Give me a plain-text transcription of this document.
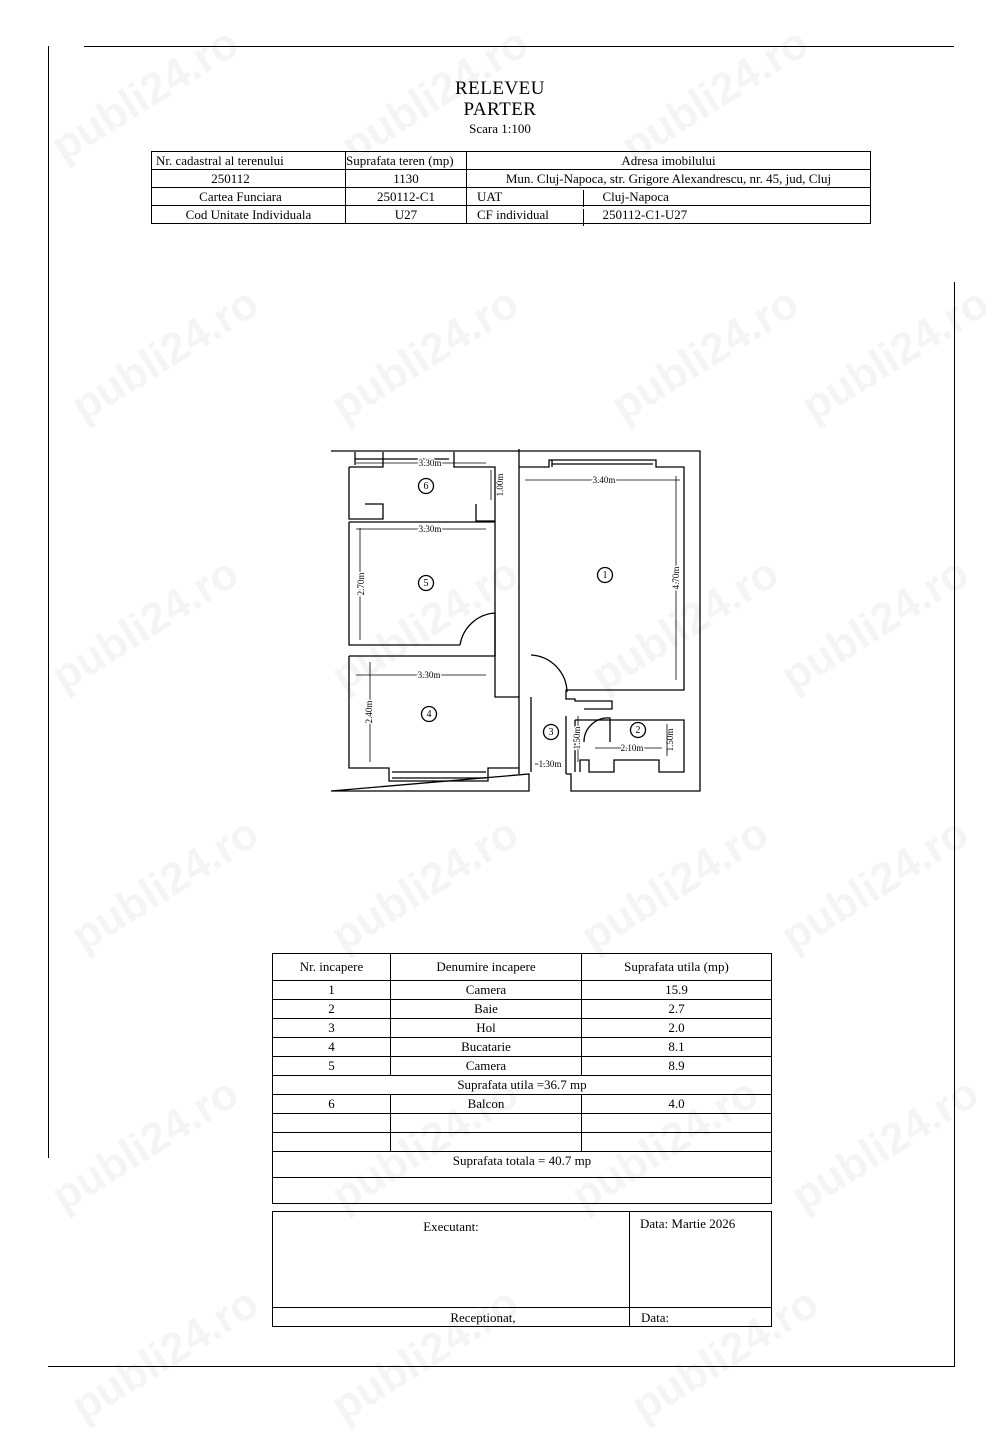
RELEVEU
PARTER
Scara 1:100
Nr. cadastral al terenului	Suprafata teren (mp)	Adresa imobilului	
250112	1130	Mun. Cluj-Napoca, str. Grigore Alexandrescu, nr. 45, jud, Cluj	
Cartea Funciara	250112-C1	UAT	Cluj-Napoca
Cod Unitate Individuala	U27	CF individual	250112-C1-U27
6
5
1
4
3	2
3.30m
1.00m
3.30m
2.70m
3.40m
4.70m
3.30m
2.40m
1.50m
1.30m
2.10m 1.50m
Nr. incapere	Denumire incapere	Suprafata utila (mp)
1	Camera	15.9
2	Baie	2.7
3	Hol	2.0
4	Bucatarie	8.1
5	Camera	8.9
Suprafata utila =36.7 mp		
6	Balcon	4.0

Suprafata totala = 40.7 mp		

Executant:	Data: Martie 2026
Receptionat,	Data:
